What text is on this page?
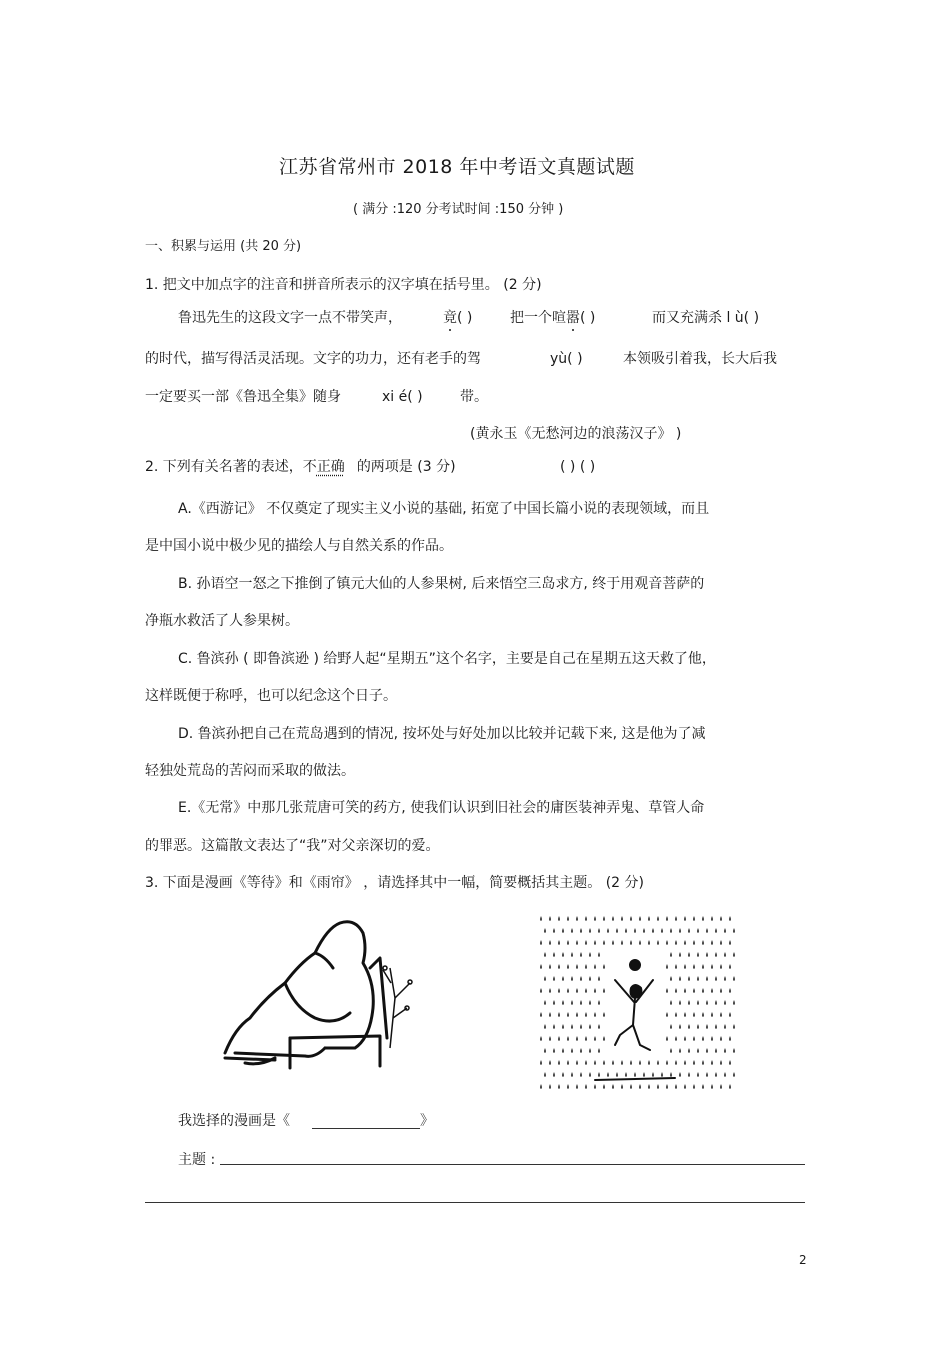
江苏省常州市 2018 年中考语文真题试题
( 满分 :120 分考试时间 :150 分钟 )
一、积累与运用 (共 20 分)
1. 把文中加点字的注音和拼音所表示的汉字填在括号里。 (2 分)
鲁迅先生的这段文字一点不带笑声，	竟( )	把一个喧嚣( )	而又充满杀 l ù( )
的时代，描写得活灵活现。文字的功力，还有老手的驾	yù( )	本领吸引着我，长大后我
一定要买一部《鲁迅全集》随身	xi é( )	带。
(黄永玉《无愁河边的浪荡汉子》 )
2. 下列有关名著的表述，不正确 的两项是 (3 分)	( ) ( )
A.《西游记》 不仅奠定了现实主义小说的基础, 拓宽了中国长篇小说的表现领域，而且
是中国小说中极少见的描绘人与自然关系的作品。
B. 孙语空一怒之下推倒了镇元大仙的人参果树, 后来悟空三岛求方, 终于用观音菩萨的
净瓶水救活了人参果树。
C. 鲁滨孙 ( 即鲁滨逊 ) 给野人起“星期五”这个名字，主要是自己在星期五这天救了他，
这样既便于称呼，也可以纪念这个日子。
D. 鲁滨孙把自己在荒岛遇到的情况, 按坏处与好处加以比较并记载下来, 这是他为了减
轻独处荒岛的苦闷而采取的做法。
E.《无常》中那几张荒唐可笑的药方, 使我们认识到旧社会的庸医装神弄鬼、草管人命
的罪恶。这篇散文表达了“我”对父亲深切的爱。
3. 下面是漫画《等待》和《雨帘》 ，请选择其中一幅，简要概括其主题。 (2 分)
我选择的漫画是《	》
主题 :
2
